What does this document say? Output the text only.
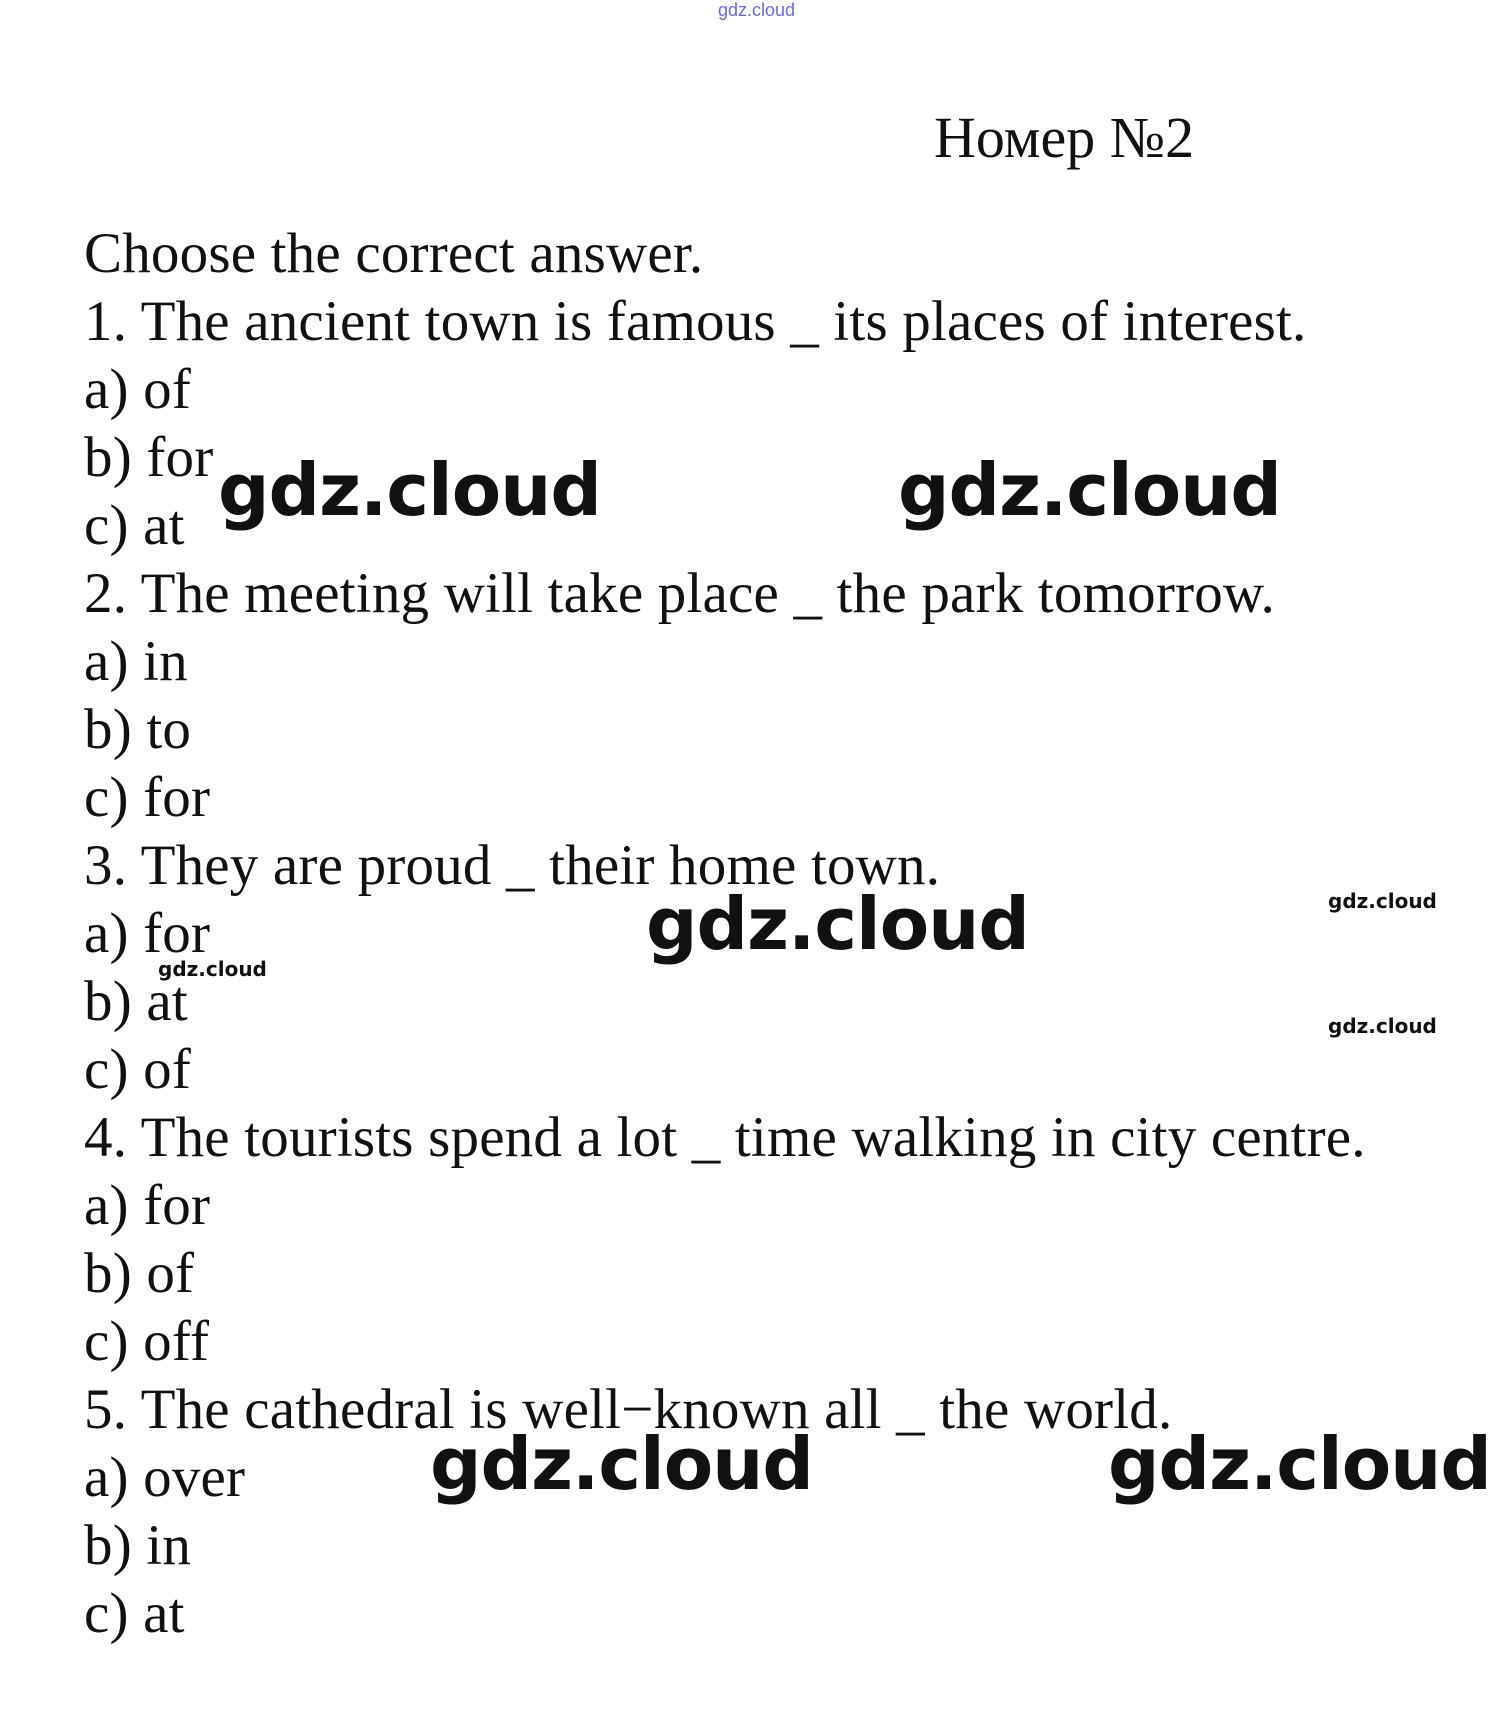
gdz.cloud
Номер №2
Choose the correct answer.
1. The ancient town is famous _ its places of interest.
a) of
b) for
c) at
2. The meeting will take place _ the park tomorrow.
a) in
b) to
c) for
3. They are proud _ their home town.
a) for
b) at
c) of
4. The tourists spend a lot _ time walking in city centre.
a) for
b) of
c) off
5. The cathedral is well−known all _ the world.
a) over
b) in
c) at
gdz.cloud	gdz.cloud
gdz.cloud
gdz.cloud	gdz.cloud
gdz.cloud
gdz.cloud
gdz.cloud
